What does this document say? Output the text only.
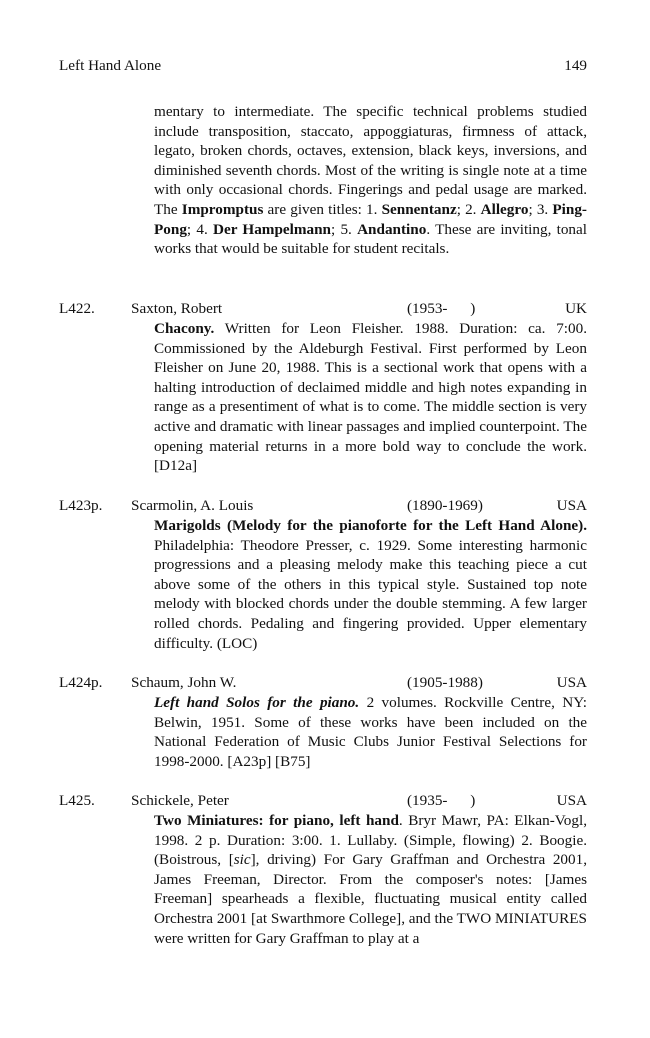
Left Hand Alone	149
mentary to intermediate. The specific technical problems studied include transposition, staccato, appoggiaturas, firmness of attack, legato, broken chords, octaves, extension, black keys, inversions, and diminished seventh chords. Most of the writing is single note at a time with only occasional chords. Fingerings and pedal usage are marked. The Impromptus are given titles: 1. Sennentanz; 2. Allegro; 3. Ping-Pong; 4. Der Hampelmann; 5. Andantino. These are inviting, tonal works that would be suitable for student recitals.
L422. Saxton, Robert	(1953-      )	UK
Chacony. Written for Leon Fleisher. 1988. Duration: ca. 7:00. Commissioned by the Aldeburgh Festival. First performed by Leon Fleisher on June 20, 1988. This is a sectional work that opens with a halting introduction of declaimed middle and high notes expanding in range as a presentiment of what is to come. The middle section is very active and dramatic with linear passages and implied counterpoint. The opening material returns in a more bold way to conclude the work. [D12a]
L423p. Scarmolin, A. Louis	(1890-1969)	USA
Marigolds (Melody for the pianoforte for the Left Hand Alone). Philadelphia: Theodore Presser, c. 1929. Some interesting harmonic progressions and a pleasing melody make this teaching piece a cut above some of the others in this typical style. Sustained top note melody with blocked chords under the double stemming. A few larger rolled chords. Pedaling and fingering provided. Upper elementary difficulty. (LOC)
L424p. Schaum, John W.	(1905-1988)	USA
Left hand Solos for the piano. 2 volumes. Rockville Centre, NY: Belwin, 1951. Some of these works have been included on the National Federation of Music Clubs Junior Festival Selections for 1998-2000. [A23p] [B75]
L425. Schickele, Peter	(1935-      )	USA
Two Miniatures: for piano, left hand. Bryr Mawr, PA: Elkan-Vogl, 1998. 2 p. Duration: 3:00. 1. Lullaby. (Simple, flowing) 2. Boogie. (Boistrous, [sic], driving) For Gary Graffman and Orchestra 2001, James Freeman, Director. From the composer's notes: [James Freeman] spearheads a flexible, fluctuating musical entity called Orchestra 2001 [at Swarthmore College], and the TWO MINIATURES were written for Gary Graffman to play at a
